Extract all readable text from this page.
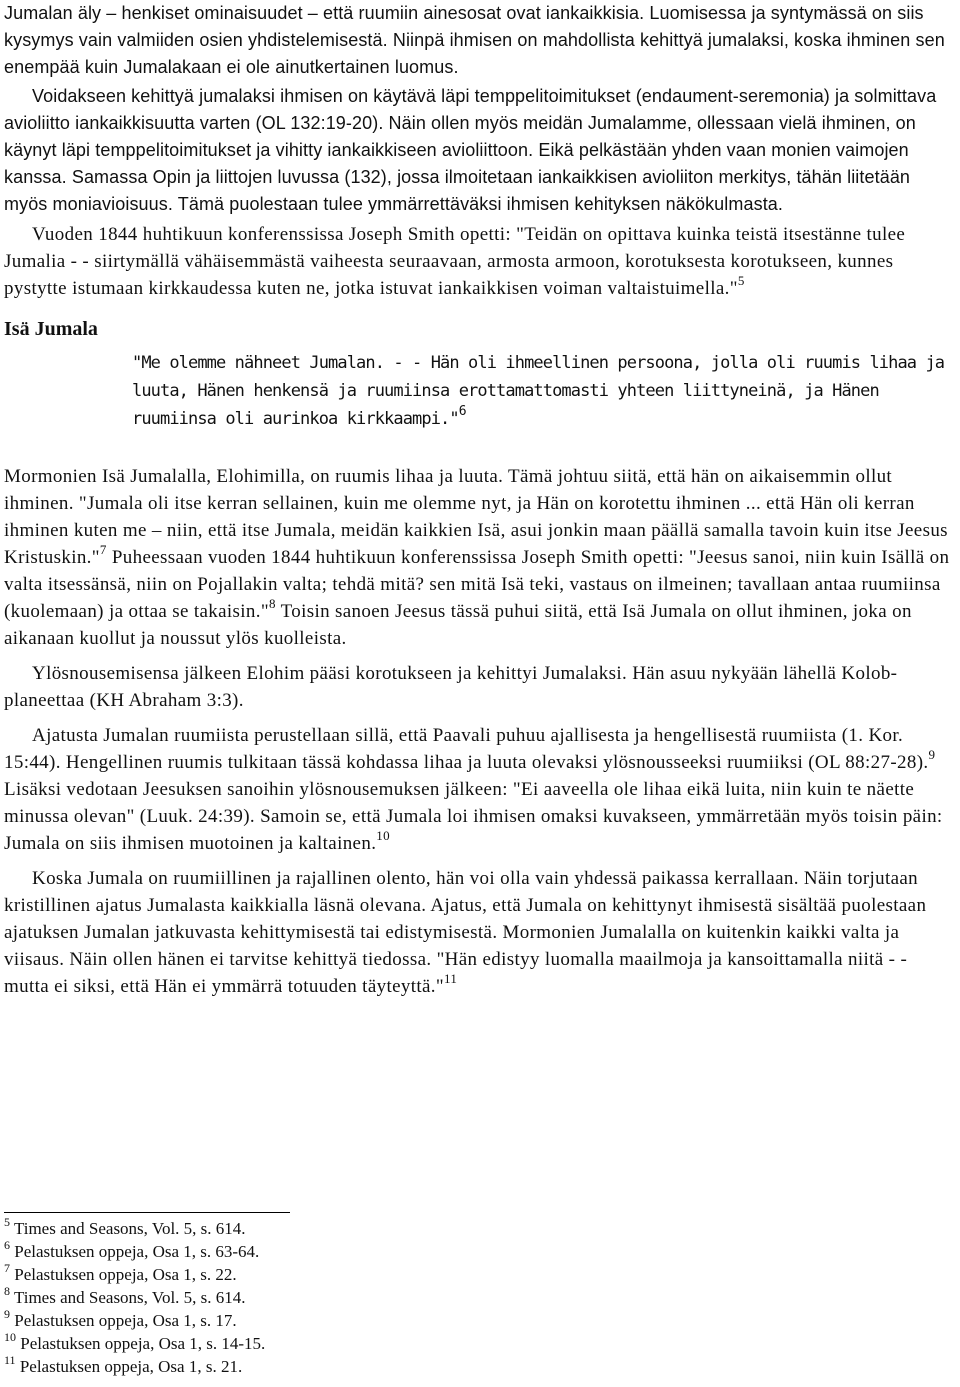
Jumalan äly – henkiset ominaisuudet – että ruumiin ainesosat ovat iankaikkisia. Luomisessa ja syntymässä on siis kysymys vain valmiiden osien yhdistelemisestä. Niinpä ihmisen on mahdollista kehittyä jumalaksi, koska ihminen sen enempää kuin Jumalakaan ei ole ainutkertainen luomus.

Voidakseen kehittyä jumalaksi ihmisen on käytävä läpi temppelitoimitukset (endaument-seremonia) ja solmittava avioliitto iankaikkisuutta varten (OL 132:19-20). Näin ollen myös meidän Jumalamme, ollessaan vielä ihminen, on käynyt läpi temppelitoimitukset ja vihitty iankaikkiseen avioliittoon. Eikä pelkästään yhden vaan monien vaimojen kanssa. Samassa Opin ja liittojen luvussa (132), jossa ilmoitetaan iankaikkisen avioliiton merkitys, tähän liitetään myös moniavioisuus. Tämä puolestaan tulee ymmärrettäväksi ihmisen kehityksen näkökulmasta.

Vuoden 1844 huhtikuun konferenssissa Joseph Smith opetti: "Teidän on opittava kuinka teistä itsestänne tulee Jumalia - - siirtymällä vähäisemmästä vaiheesta seuraavaan, armosta armoon, korotuksesta korotukseen, kunnes pystytte istumaan kirkkaudessa kuten ne, jotka istuvat iankaikkisen voiman valtaistuimella."$^5$

Isä Jumala

"Me olemme nähneet Jumalan. - - Hän oli ihmeellinen persoona, jolla oli ruumis lihaa ja luuta, Hänen henkensä ja ruumiinsa erottamattomasti yhteen liittyneinä, ja Hänen ruumiinsa oli aurinkoa kirkkaampi."$^6$

Mormonien Isä Jumalalla, Elohimilla, on ruumis lihaa ja luuta. Tämä johtuu siitä, että hän on aikaisemmin ollut ihminen. "Jumala oli itse kerran sellainen, kuin me olemme nyt, ja Hän on korotettu ihminen ... että Hän oli kerran ihminen kuten me – niin, että itse Jumala, meidän kaikkien Isä, asui jonkin maan päällä samalla tavoin kuin itse Jeesus Kristuskin."$^7$ Puheessaan vuoden 1844 huhtikuun konferenssissa Joseph Smith opetti: "Jeesus sanoi, niin kuin Isällä on valta itsessänsä, niin on Pojallakin valta; tehdä mitä? sen mitä Isä teki, vastaus on ilmeinen; tavallaan antaa ruumiinsa (kuolemaan) ja ottaa se takaisin."$^8$ Toisin sanoen Jeesus tässä puhui siitä, että Isä Jumala on ollut ihminen, joka on aikanaan kuollut ja noussut ylös kuolleista.

Ylösnousemisensa jälkeen Elohim pääsi korotukseen ja kehittyi Jumalaksi. Hän asuu nykyään lähellä Kolob-planeettaa (KH Abraham 3:3).

Ajatusta Jumalan ruumiista perustellaan sillä, että Paavali puhuu ajallisesta ja hengellisestä ruumiista (1. Kor. 15:44). Hengellinen ruumis tulkitaan tässä kohdassa lihaa ja luuta olevaksi ylösnousseeksi ruumiiksi (OL 88:27-28).$^9$ Lisäksi vedotaan Jeesuksen sanoihin ylösnousemuksen jälkeen: "Ei aaveella ole lihaa eikä luita, niin kuin te näette minussa olevan" (Luuk. 24:39). Samoin se, että Jumala loi ihmisen omaksi kuvakseen, ymmärretään myös toisin päin: Jumala on siis ihmisen muotoinen ja kaltainen.$^{10}$

Koska Jumala on ruumiillinen ja rajallinen olento, hän voi olla vain yhdessä paikassa kerrallaan. Näin torjutaan kristillinen ajatus Jumalasta kaikkialla läsnä olevana. Ajatus, että Jumala on kehittynyt ihmisestä sisältää puolestaan ajatuksen Jumalan jatkuvasta kehittymisestä tai edistymisestä. Mormonien Jumalalla on kuitenkin kaikki valta ja viisaus. Näin ollen hänen ei tarvitse kehittyä tiedossa. "Hän edistyy luomalla maailmoja ja kansoittamalla niitä - - mutta ei siksi, että Hän ei ymmärrä totuuden täyteyttä."$^{11}$

$^5$ Times and Seasons, Vol. 5, s. 614.
$^6$ Pelastuksen oppeja, Osa 1, s. 63-64.
$^7$ Pelastuksen oppeja, Osa 1, s. 22.
$^8$ Times and Seasons, Vol. 5, s. 614.
$^9$ Pelastuksen oppeja, Osa 1, s. 17.
$^{10}$ Pelastuksen oppeja, Osa 1, s. 14-15.
$^{11}$ Pelastuksen oppeja, Osa 1, s. 21.
